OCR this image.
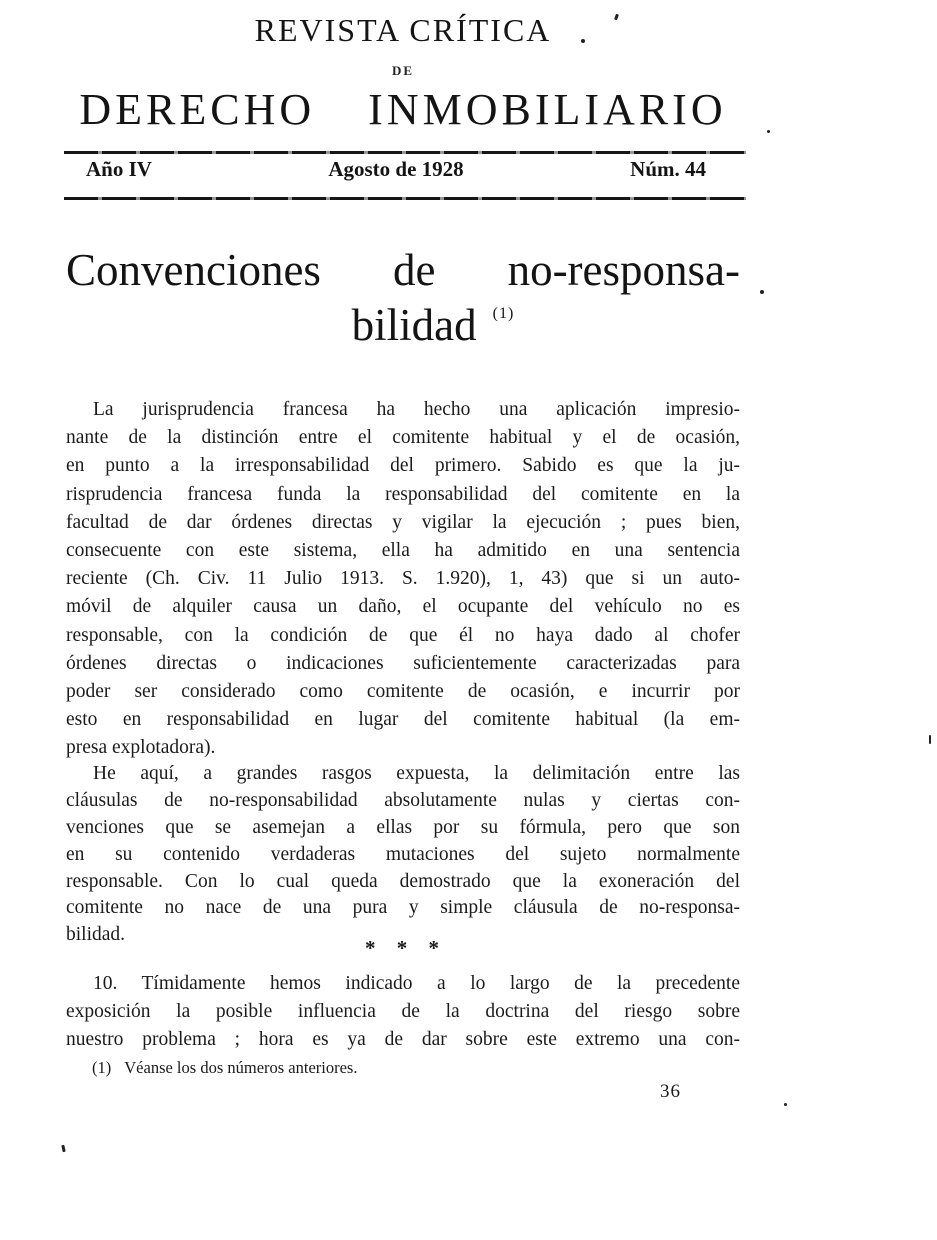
REVISTA CRÍTICA
DE
DERECHO INMOBILIARIO
Año IV	Agosto de 1928	Núm. 44
Convenciones de no-responsa-
bilidad $^{(1)}$
La jurisprudencia francesa ha hecho una aplicación impresio-
nante de la distinción entre el comitente habitual y el de ocasión,
en punto a la irresponsabilidad del primero. Sabido es que la ju-
risprudencia francesa funda la responsabilidad del comitente en la
facultad de dar órdenes directas y vigilar la ejecución ; pues bien,
consecuente con este sistema, ella ha admitido en una sentencia
reciente (Ch. Civ. 11 Julio 1913. S. 1.920), 1, 43) que si un auto-
móvil de alquiler causa un daño, el ocupante del vehículo no es
responsable, con la condición de que él no haya dado al chofer
órdenes directas o indicaciones suficientemente caracterizadas para
poder ser considerado como comitente de ocasión, e incurrir por
esto en responsabilidad en lugar del comitente habitual (la em-
presa explotadora).
He aquí, a grandes rasgos expuesta, la delimitación entre las
cláusulas de no-responsabilidad absolutamente nulas y ciertas con-
venciones que se asemejan a ellas por su fórmula, pero que son
en su contenido verdaderas mutaciones del sujeto normalmente
responsable. Con lo cual queda demostrado que la exoneración del
comitente no nace de una pura y simple cláusula de no-responsa-
bilidad.
* * *
10. Tímidamente hemos indicado a lo largo de la precedente
exposición la posible influencia de la doctrina del riesgo sobre
nuestro problema ; hora es ya de dar sobre este extremo una con-
(1) Véanse los dos números anteriores.
36
